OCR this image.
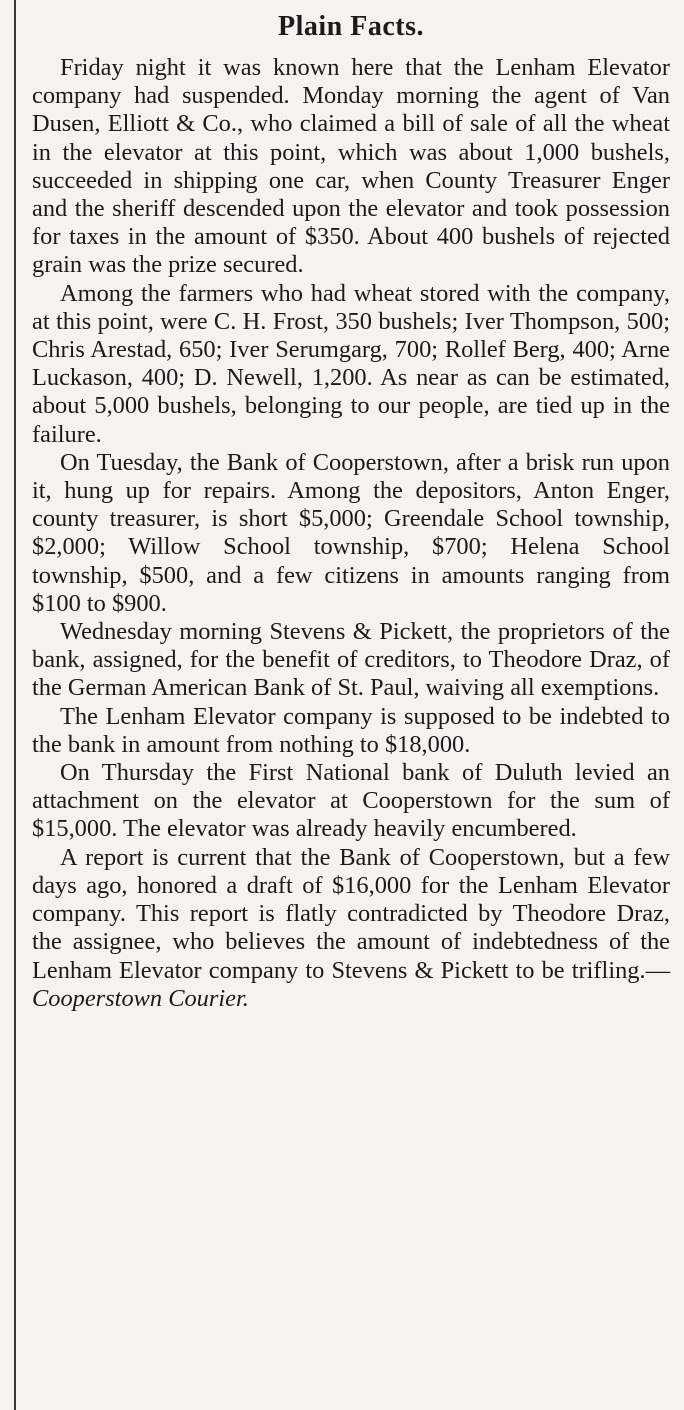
Plain Facts.

Friday night it was known here that the Lenham Elevator company had suspended. Monday morning the agent of Van Dusen, Elliott & Co., who claimed a bill of sale of all the wheat in the elevator at this point, which was about 1,000 bushels, succeeded in shipping one car, when County Treasurer Enger and the sheriff descended upon the elevator and took possession for taxes in the amount of $350. About 400 bushels of rejected grain was the prize secured.

Among the farmers who had wheat stored with the company, at this point, were C. H. Frost, 350 bushels; Iver Thompson, 500; Chris Arestad, 650; Iver Serumgarg, 700; Rollef Berg, 400; Arne Luckason, 400; D. Newell, 1,200. As near as can be estimated, about 5,000 bushels, belonging to our people, are tied up in the failure.

On Tuesday, the Bank of Cooperstown, after a brisk run upon it, hung up for repairs. Among the depositors, Anton Enger, county treasurer, is short $5,000; Greendale School township, $2,000; Willow School township, $700; Helena School township, $500, and a few citizens in amounts ranging from $100 to $900.

Wednesday morning Stevens & Pickett, the proprietors of the bank, assigned, for the benefit of creditors, to Theodore Draz, of the German American Bank of St. Paul, waiving all exemptions.

The Lenham Elevator company is supposed to be indebted to the bank in amount from nothing to $18,000.

On Thursday the First National bank of Duluth levied an attachment on the elevator at Cooperstown for the sum of $15,000. The elevator was already heavily encumbered.

A report is current that the Bank of Cooperstown, but a few days ago, honored a draft of $16,000 for the Lenham Elevator company. This report is flatly contradicted by Theodore Draz, the assignee, who believes the amount of indebtedness of the Lenham Elevator company to Stevens & Pickett to be trifling.—Cooperstown Courier.
